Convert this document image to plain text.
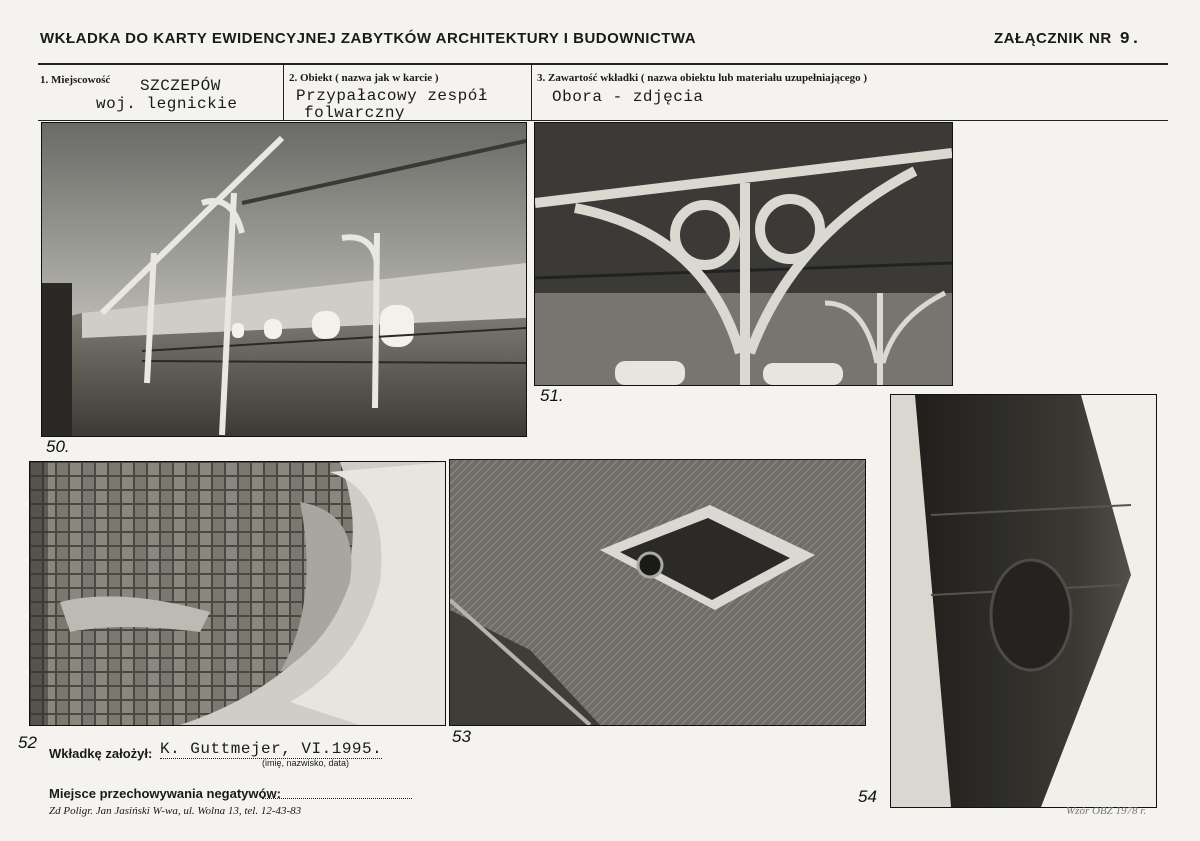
WKŁADKA DO KARTY EWIDENCYJNEJ ZABYTKÓW ARCHITEKTURY I BUDOWNICTWA	ZAŁĄCZNIK NR 9.
1. Miejscowość SZCZEPÓW
woj. legnickie
2. Obiekt ( nazwa jak w karcie )
Przypałacowy zespół
folwarczny
3. Zawartość wkładki ( nazwa obiektu lub materiału uzupełniającego )
Obora - zdjęcia
50.
51.
52	53
54
Wkładkę założył: K. Guttmejer, VI.1995.
(imię, nazwisko, data)
Miejsce przechowywania negatywów:
Zd Poligr. Jan Jasiński W-wa, ul. Wolna 13, tel. 12-43-83	Wzór OBZ 1978 r.
